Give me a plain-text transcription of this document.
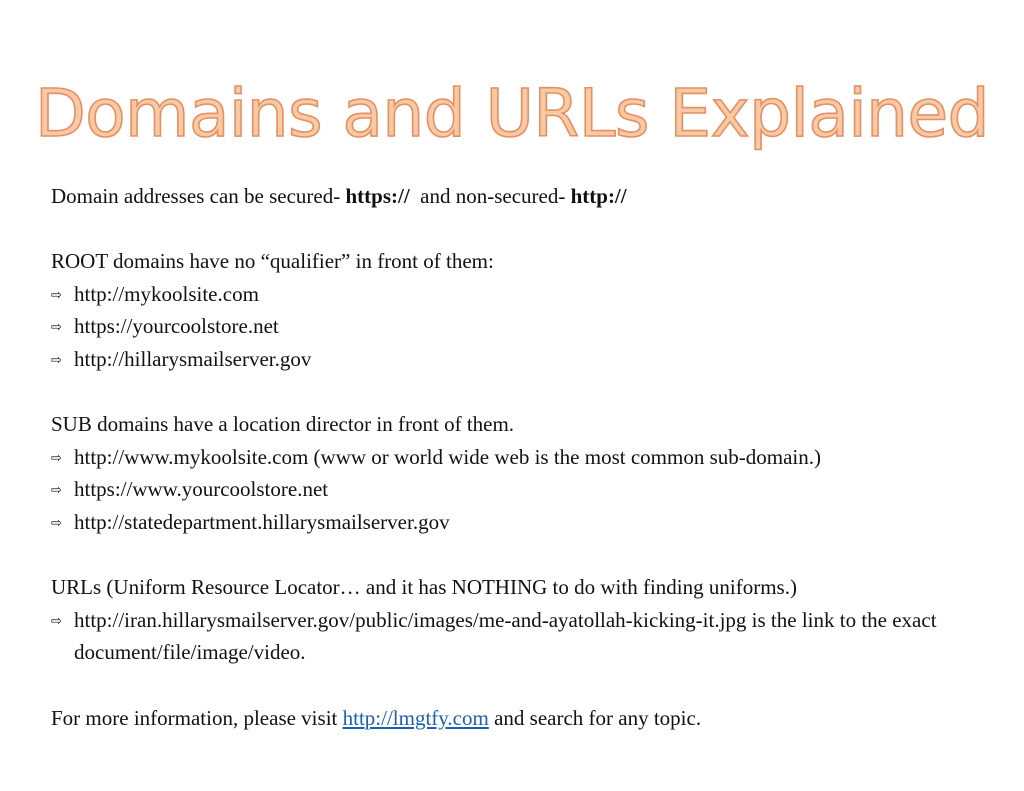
Domains and URLs Explained
Domain addresses can be secured- https://  and non-secured- http://
ROOT domains have no “qualifier” in front of them:
⇨ http://mykoolsite.com
⇨ https://yourcoolstore.net
⇨ http://hillarysmailserver.gov
SUB domains have a location director in front of them.
⇨ http://www.mykoolsite.com (www or world wide web is the most common sub-domain.)
⇨ https://www.yourcoolstore.net
⇨ http://statedepartment.hillarysmailserver.gov
URLs (Uniform Resource Locator… and it has NOTHING to do with finding uniforms.)
⇨ http://iran.hillarysmailserver.gov/public/images/me-and-ayatollah-kicking-it.jpg is the link to the exact document/file/image/video.
For more information, please visit http://lmgtfy.com and search for any topic.
